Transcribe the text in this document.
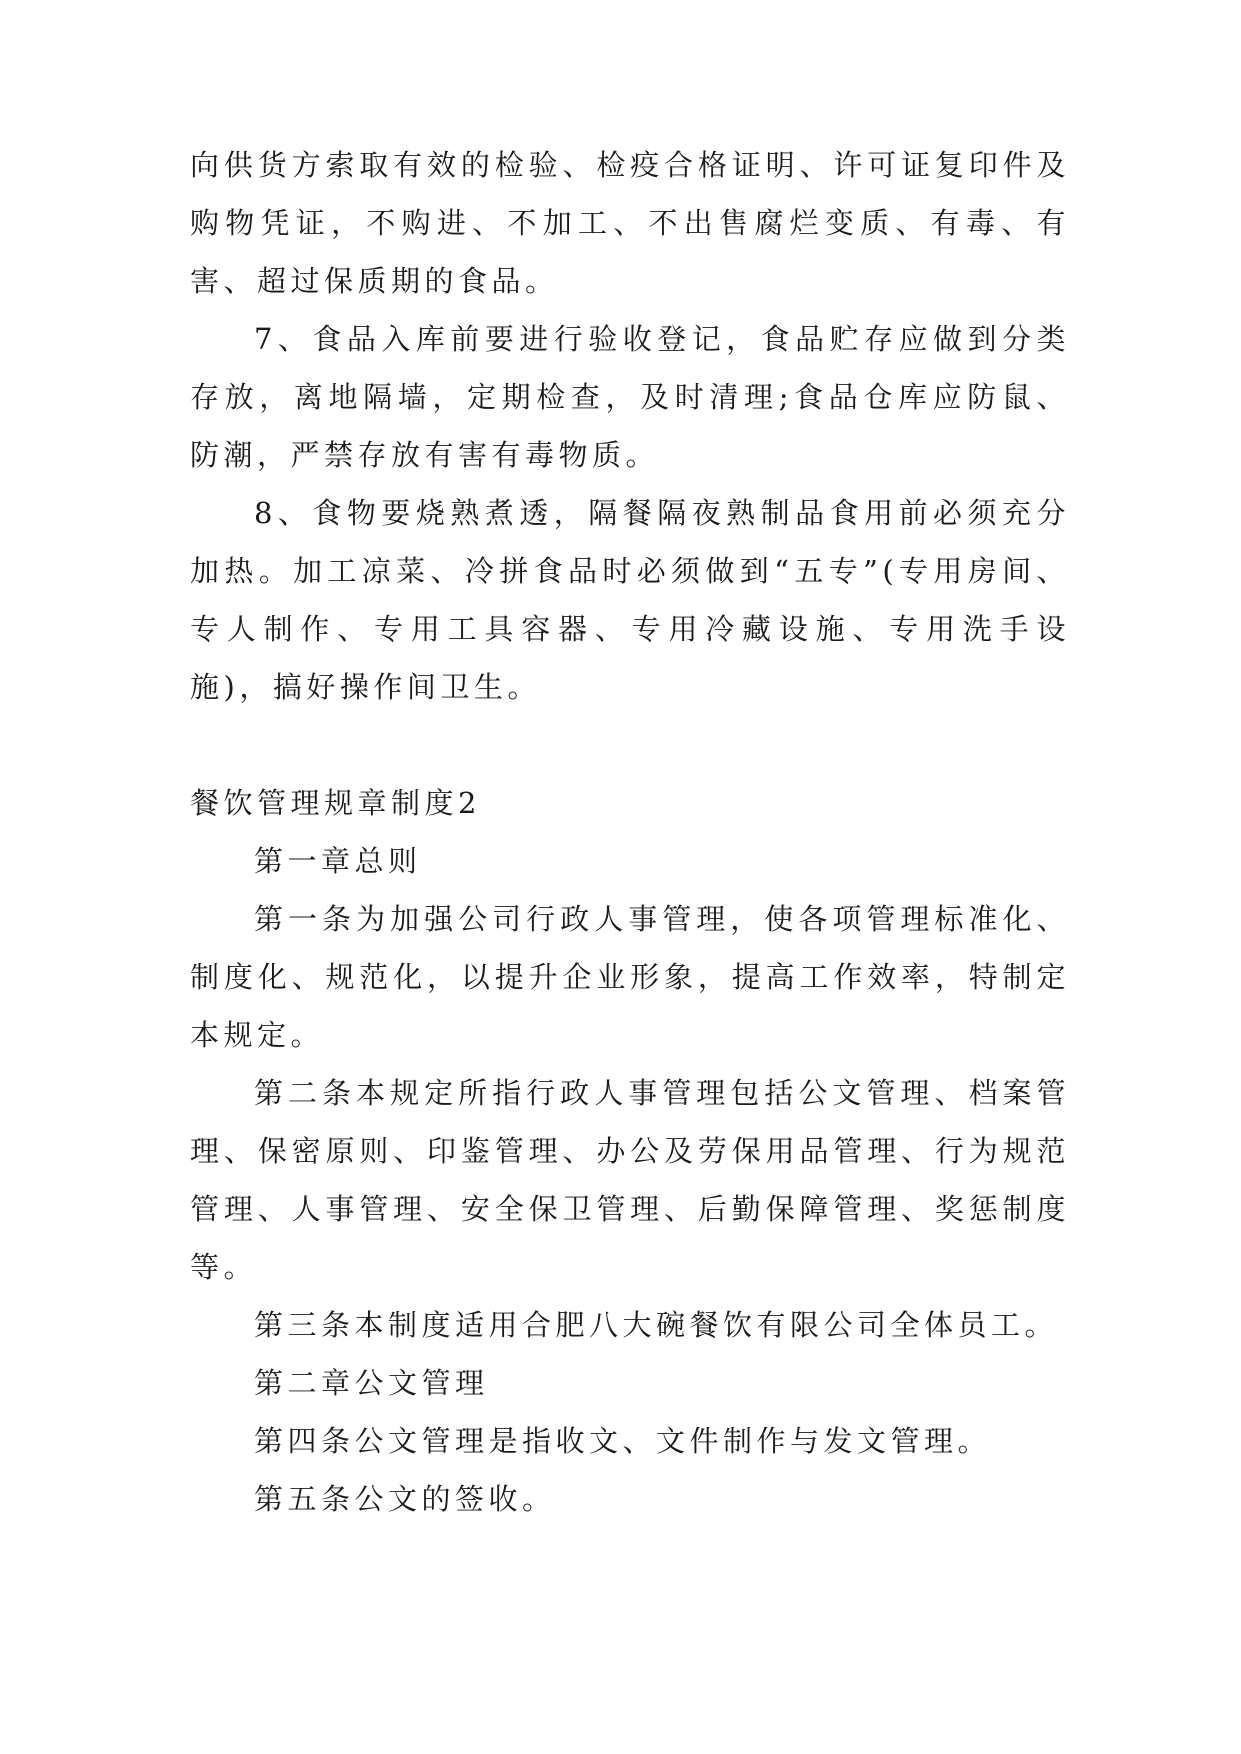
向供货方索取有效的检验、检疫合格证明、许可证复印件及购物凭证，不购进、不加工、不出售腐烂变质、有毒、有害、超过保质期的食品。

7、食品入库前要进行验收登记，食品贮存应做到分类存放，离地隔墙，定期检查，及时清理;食品仓库应防鼠、防潮，严禁存放有害有毒物质。

8、食物要烧熟煮透，隔餐隔夜熟制品食用前必须充分加热。加工凉菜、冷拼食品时必须做到“五专”(专用房间、专人制作、专用工具容器、专用冷藏设施、专用洗手设施)，搞好操作间卫生。

餐饮管理规章制度2

第一章总则

第一条为加强公司行政人事管理，使各项管理标准化、制度化、规范化，以提升企业形象，提高工作效率，特制定本规定。

第二条本规定所指行政人事管理包括公文管理、档案管理、保密原则、印鉴管理、办公及劳保用品管理、行为规范管理、人事管理、安全保卫管理、后勤保障管理、奖惩制度等。

第三条本制度适用合肥八大碗餐饮有限公司全体员工。

第二章公文管理

第四条公文管理是指收文、文件制作与发文管理。

第五条公文的签收。
